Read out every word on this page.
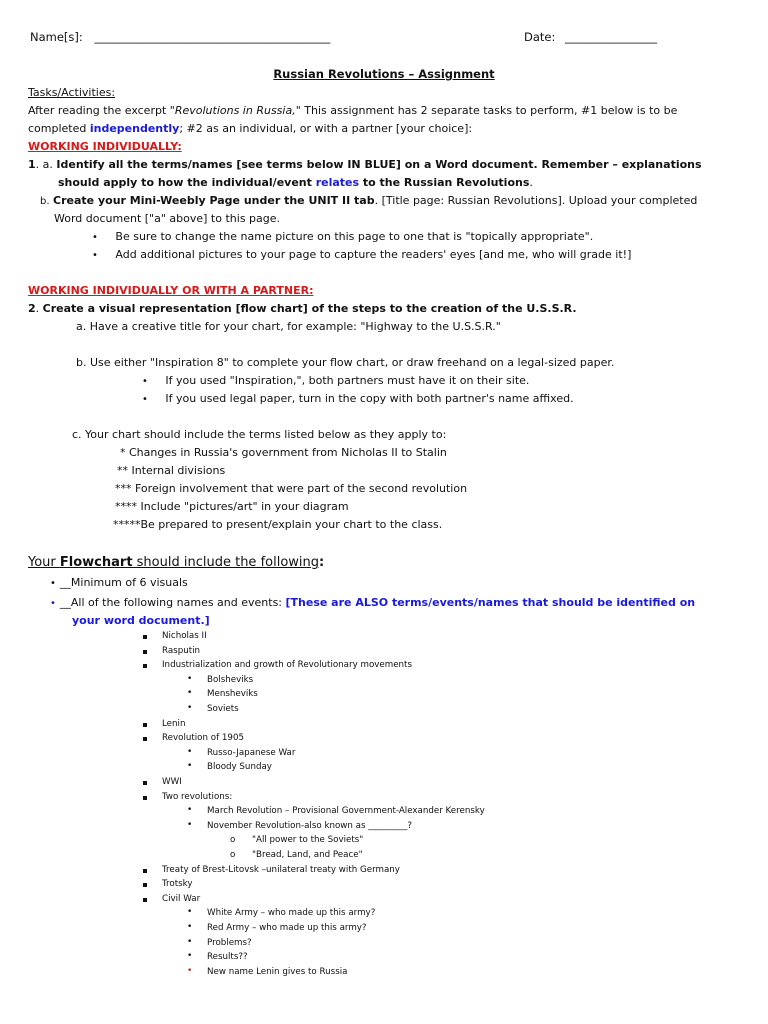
Name[s]: _________________________________________	Date: ________________
Russian Revolutions – Assignment
Tasks/Activities:
After reading the excerpt "Revolutions in Russia," This assignment has 2 separate tasks to perform, #1 below is to be
completed independently; #2 as an individual, or with a partner [your choice]:
WORKING INDIVIDUALLY:
1. a. Identify all the terms/names [see terms below IN BLUE] on a Word document. Remember – explanations
should apply to how the individual/event relates to the Russian Revolutions.
b. Create your Mini-Weebly Page under the UNIT II tab. [Title page: Russian Revolutions]. Upload your completed
Word document ["a" above] to this page.
• Be sure to change the name picture on this page to one that is "topically appropriate".
• Add additional pictures to your page to capture the readers' eyes [and me, who will grade it!]
WORKING INDIVIDUALLY OR WITH A PARTNER:
2. Create a visual representation [flow chart] of the steps to the creation of the U.S.S.R.
a. Have a creative title for your chart, for example: "Highway to the U.S.S.R."
b. Use either "Inspiration 8" to complete your flow chart, or draw freehand on a legal-sized paper.
• If you used "Inspiration,", both partners must have it on their site.
• If you used legal paper, turn in the copy with both partner's name affixed.
c. Your chart should include the terms listed below as they apply to:
* Changes in Russia's government from Nicholas II to Stalin
** Internal divisions
*** Foreign involvement that were part of the second revolution
**** Include "pictures/art" in your diagram
*****Be prepared to present/explain your chart to the class.
Your Flowchart should include the following:
• __Minimum of 6 visuals
• __All of the following names and events: [These are ALSO terms/events/names that should be identified on
your word document.]
Nicholas II
Rasputin
Industrialization and growth of Revolutionary movements
• Bolsheviks
• Mensheviks
• Soviets
Lenin
Revolution of 1905
• Russo-Japanese War
• Bloody Sunday
WWI
Two revolutions:
• March Revolution – Provisional Government-Alexander Kerensky
• November Revolution-also known as _________?
o "All power to the Soviets"
o "Bread, Land, and Peace"
Treaty of Brest-Litovsk –unilateral treaty with Germany
Trotsky
Civil War
• White Army – who made up this army?
• Red Army – who made up this army?
• Problems?
• Results??
• New name Lenin gives to Russia
